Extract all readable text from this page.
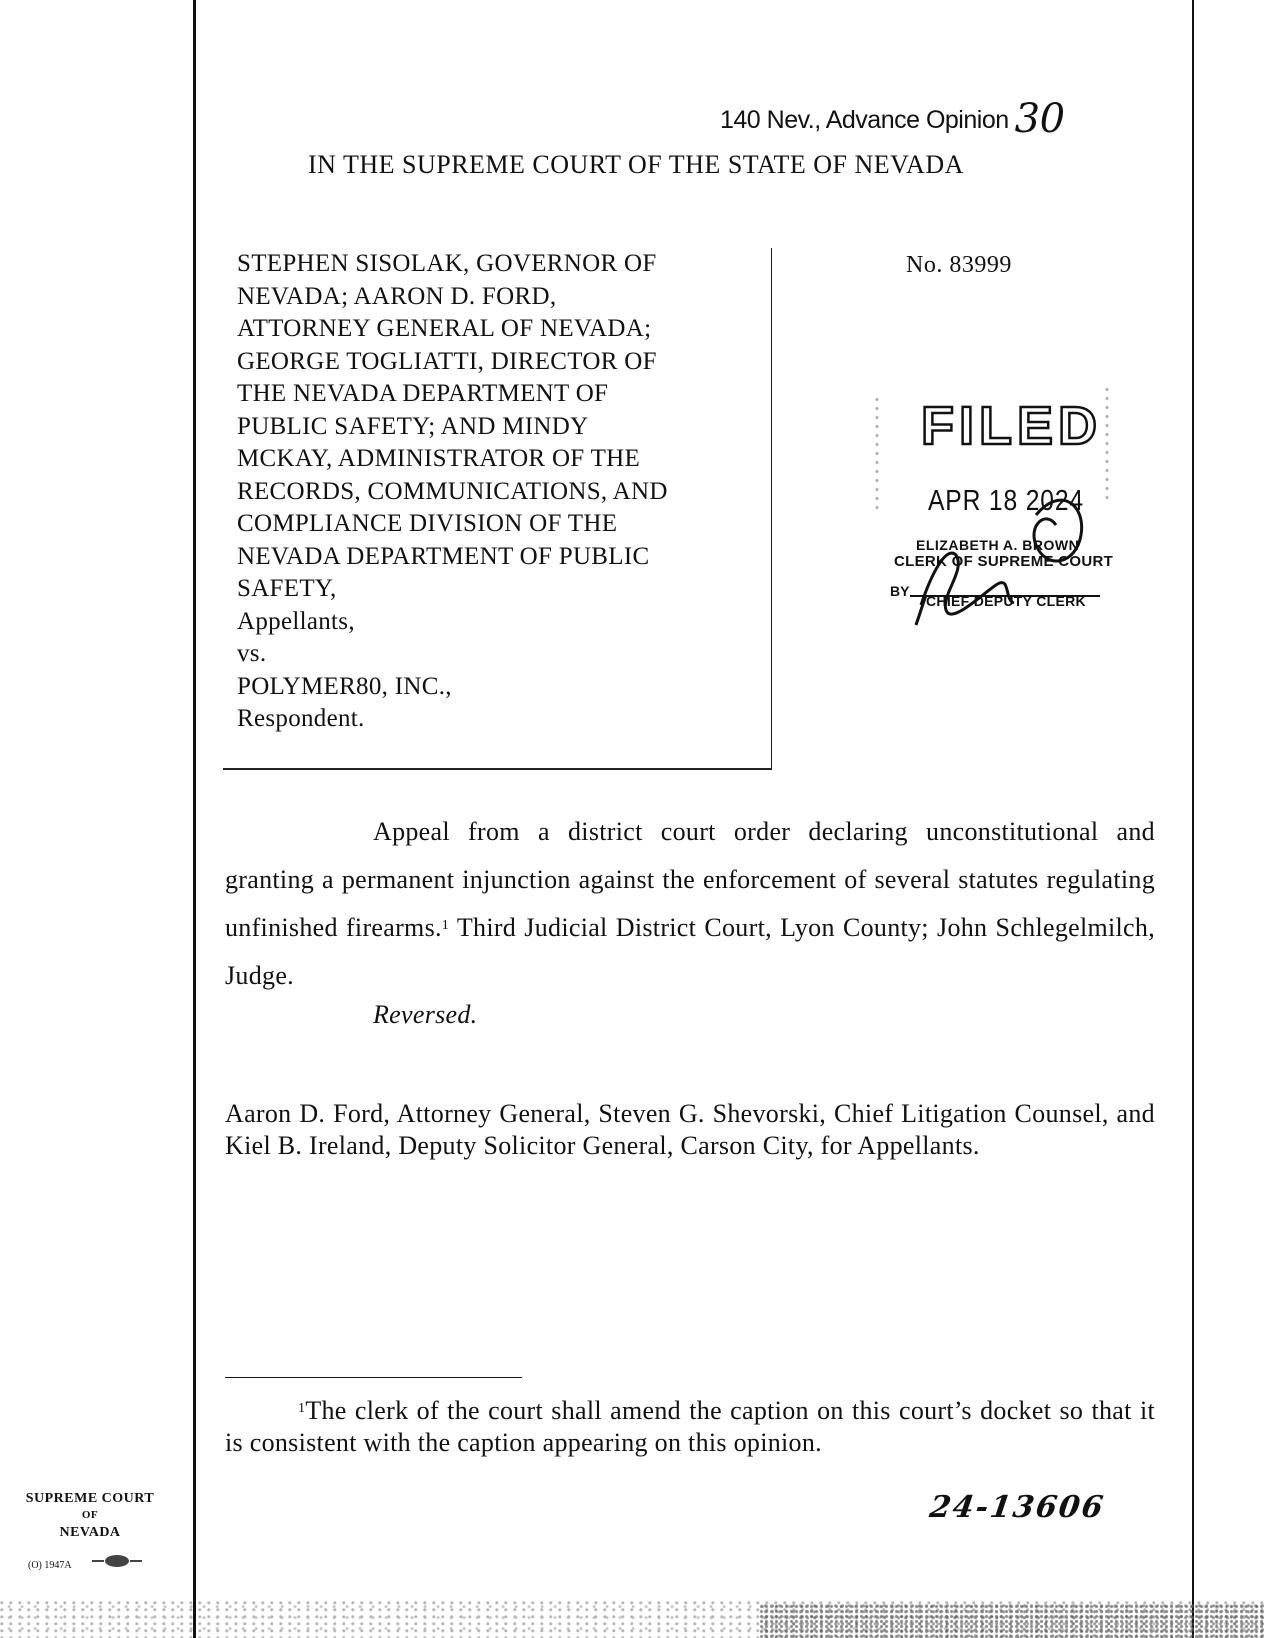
140 Nev., Advance Opinion 30
IN THE SUPREME COURT OF THE STATE OF NEVADA
STEPHEN SISOLAK, GOVERNOR OF
NEVADA; AARON D. FORD,
ATTORNEY GENERAL OF NEVADA;
GEORGE TOGLIATTI, DIRECTOR OF
THE NEVADA DEPARTMENT OF
PUBLIC SAFETY; AND MINDY
MCKAY, ADMINISTRATOR OF THE
RECORDS, COMMUNICATIONS, AND
COMPLIANCE DIVISION OF THE
NEVADA DEPARTMENT OF PUBLIC
SAFETY,
Appellants,
vs.
POLYMER80, INC.,
Respondent.
No. 83999
FILED
APR 18 2024
ELIZABETH A. BROWN
CLERK OF SUPREME COURT
BY
CHIEF DEPUTY CLERK
Appeal from a district court order declaring unconstitutional and granting a permanent injunction against the enforcement of several statutes regulating unfinished firearms.$^1$ Third Judicial District Court, Lyon County; John Schlegelmilch, Judge.
Reversed.
Aaron D. Ford, Attorney General, Steven G. Shevorski, Chief Litigation Counsel, and Kiel B. Ireland, Deputy Solicitor General, Carson City, for Appellants.
$^1$The clerk of the court shall amend the caption on this court’s docket so that it is consistent with the caption appearing on this opinion.
SUPREME COURT
OF
NEVADA
(O) 1947A
24-13606
